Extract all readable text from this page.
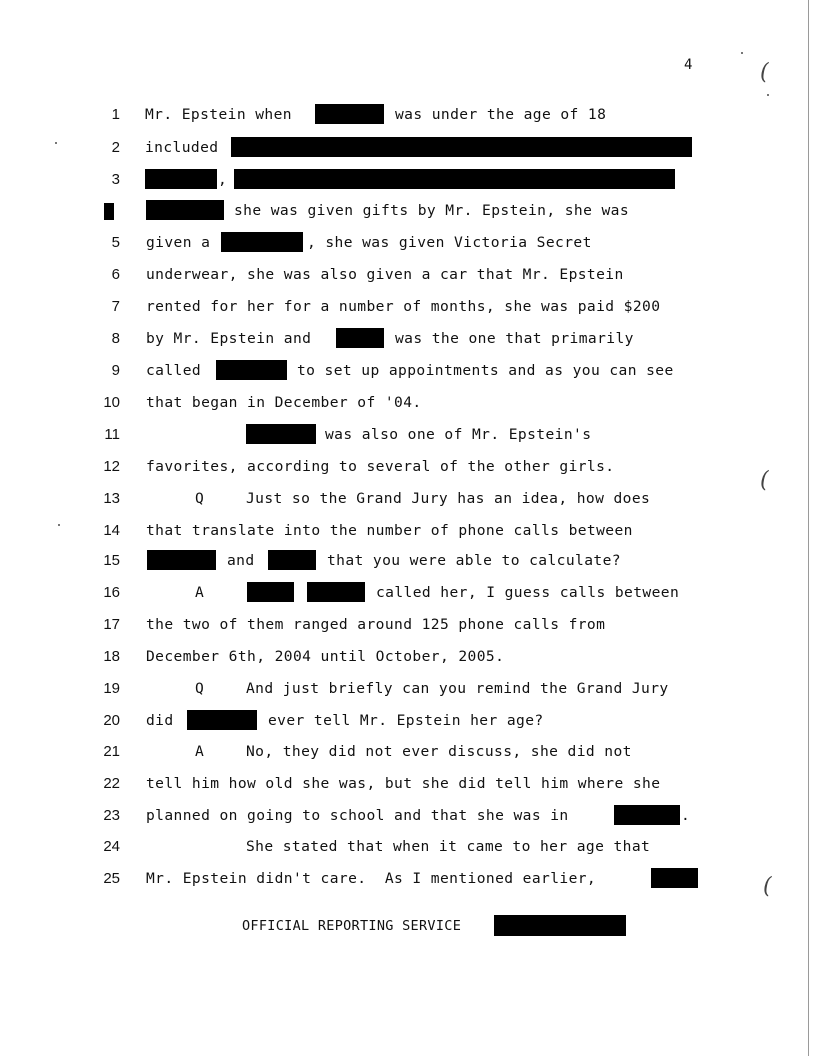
4	(
(
(
1 Mr. Epstein when	was under the age of 18
2 included
3	,
she was given gifts by Mr. Epstein, she was
5 given a	, she was given Victoria Secret
6 underwear, she was also given a car that Mr. Epstein
7 rented for her for a number of months, she was paid $200
8 by Mr. Epstein and	was the one that primarily
9 called	to set up appointments and as you can see
10 that began in December of '04.
11	was also one of Mr. Epstein's
12 favorites, according to several of the other girls.
13	Q	Just so the Grand Jury has an idea, how does
14 that translate into the number of phone calls between
15	and	that you were able to calculate?
16	A	called her, I guess calls between
17 the two of them ranged around 125 phone calls from
18 December 6th, 2004 until October, 2005.
19	Q	And just briefly can you remind the Grand Jury
20 did	ever tell Mr. Epstein her age?
21	A	No, they did not ever discuss, she did not
22 tell him how old she was, but she did tell him where she
23 planned on going to school and that she was in	.
24	She stated that when it came to her age that
25 Mr. Epstein didn't care.  As I mentioned earlier,
OFFICIAL REPORTING SERVICE
